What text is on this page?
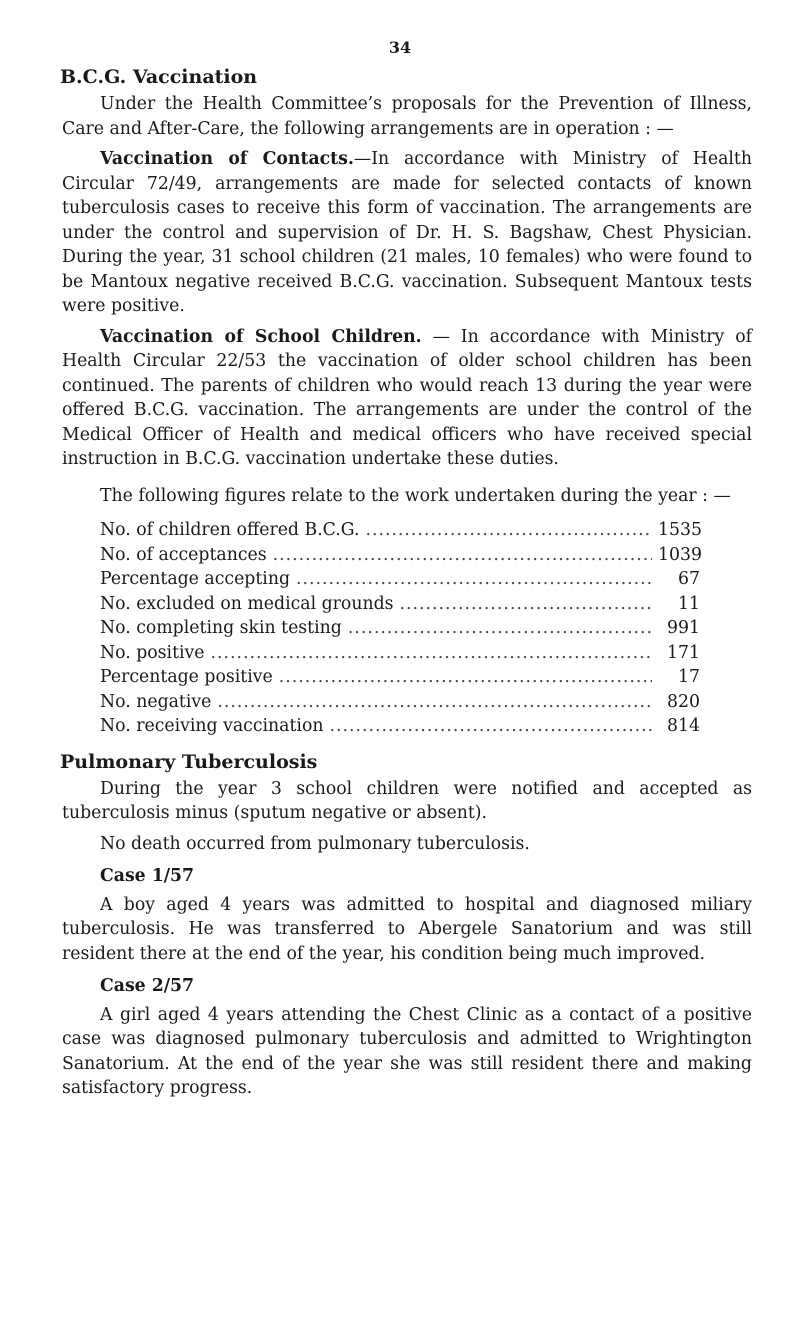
34
B.C.G. Vaccination

Under the Health Committee’s proposals for the Prevention of Illness, Care and After-Care, the following arrangements are in operation : —

Vaccination of Contacts.—In accordance with Ministry of Health Circular 72/49, arrangements are made for selected contacts of known tuberculosis cases to receive this form of vaccination. The arrangements are under the control and supervision of Dr. H. S. Bagshaw, Chest Physician. During the year, 31 school children (21 males, 10 females) who were found to be Mantoux negative received B.C.G. vaccination. Subsequent Mantoux tests were positive.

Vaccination of School Children. — In accordance with Ministry of Health Circular 22/53 the vaccination of older school children has been continued. The parents of children who would reach 13 during the year were offered B.C.G. vaccination. The arrangements are under the control of the Medical Officer of Health and medical officers who have received special instruction in B.C.G. vaccination undertake these duties.

The following figures relate to the work undertaken during the year : —

No. of children offered B.C.G. .....	1535
No. of acceptances .....	1039
Percentage accepting .....	67
No. excluded on medical grounds .....	11
No. completing skin testing .....	991
No. positive .....	171
Percentage positive .....	17
No. negative .....	820
No. receiving vaccination .....	814
Pulmonary Tuberculosis

During the year 3 school children were notified and accepted as tuberculosis minus (sputum negative or absent).

No death occurred from pulmonary tuberculosis.

Case 1/57

A boy aged 4 years was admitted to hospital and diagnosed miliary tuberculosis. He was transferred to Abergele Sanatorium and was still resident there at the end of the year, his condition being much improved.

Case 2/57

A girl aged 4 years attending the Chest Clinic as a contact of a positive case was diagnosed pulmonary tuberculosis and admitted to Wrightington Sanatorium. At the end of the year she was still resident there and making satisfactory progress.
